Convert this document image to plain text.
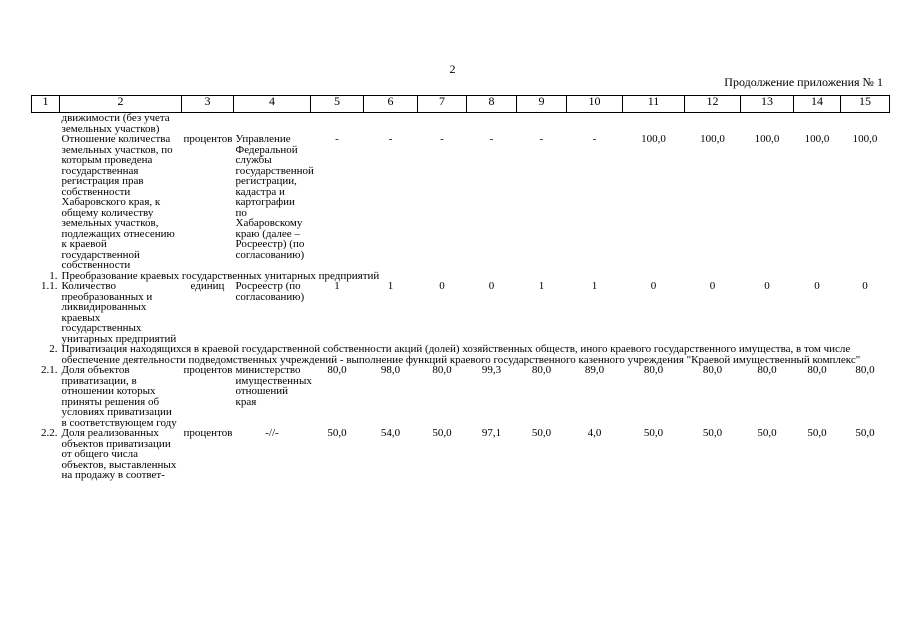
2
Продолжение приложения № 1
1	2	3	4	5	6	7	8	9	10	11	12	13	14	15
	движимости (без учета земельных участков)													
	Отношение количества земельных участков, по которым проведена государственная регистрация прав собственности Хабаровского края, к общему количеству земельных участков, подлежащих отнесению к краевой государственной собственности	процентов	Управление Федеральной службы государственной регистрации, кадастра и картографии по Хабаровскому краю (далее – Росреестр) (по согласованию)	-	-	-	-	-	-	100,0	100,0	100,0	100,0	100,0
1.	Преобразование краевых государственных унитарных предприятий													
1.1.	Количество преобразованных и ликвидированных краевых государственных унитарных предприятий	единиц	Росреестр (по согласованию)	1	1	0	0	1	1	0	0	0	0	0
2.	Приватизация находящихся в краевой государственной собственности акций (долей) хозяйственных обществ, иного краевого государственного имущества, в том числе обеспечение деятельности подведомственных учреждений - выполнение функций краевого государственного казенного учреждения "Краевой имущественный комплекс"													
2.1.	Доля объектов приватизации, в отношении которых приняты решения об условиях приватизации в соответствующем году	процентов	министерство имущественных отношений края	80,0	98,0	80,0	99,3	80,0	89,0	80,0	80,0	80,0	80,0	80,0
2.2.	Доля реализованных объектов приватизации от общего числа объектов, выставленных на продажу в соответ-	процентов	-//-	50,0	54,0	50,0	97,1	50,0	4,0	50,0	50,0	50,0	50,0	50,0
